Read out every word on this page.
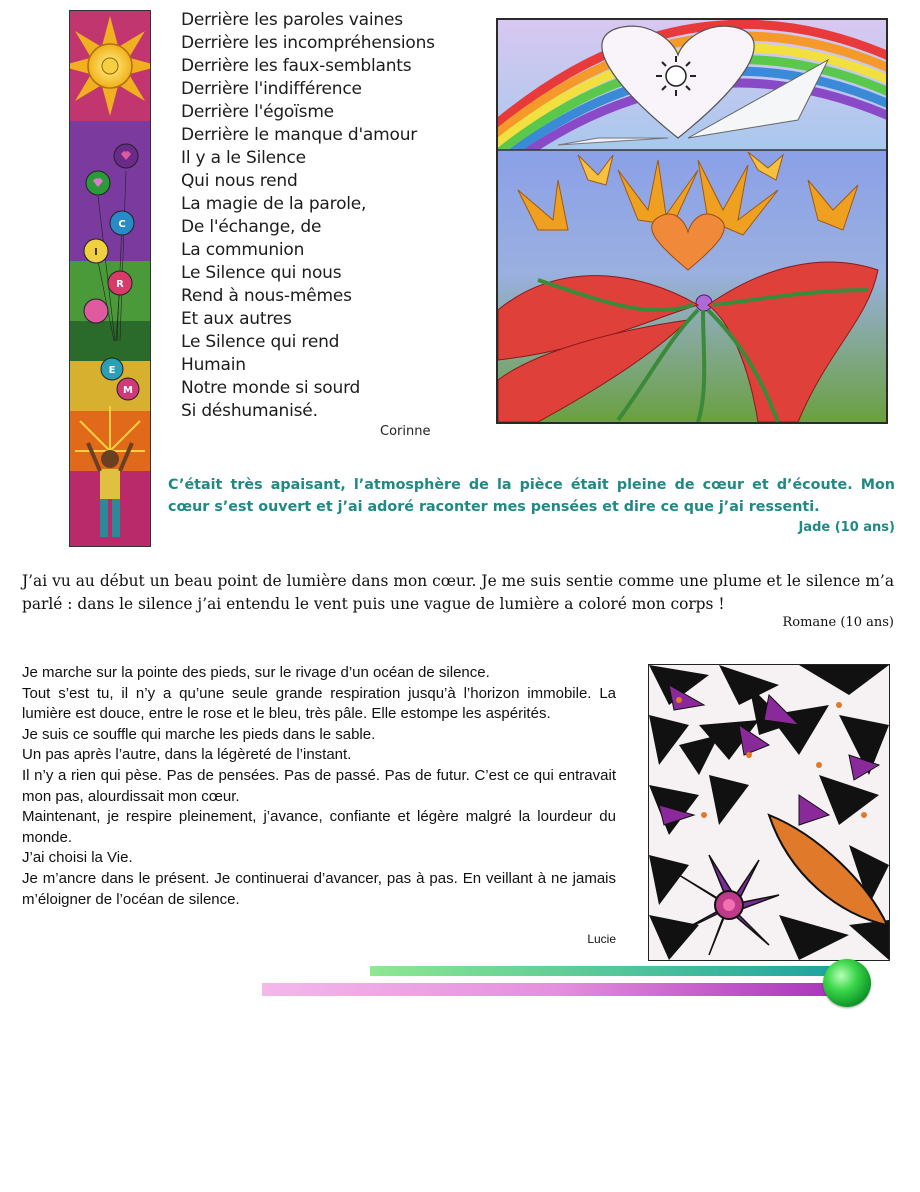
C
I
R
E
M
Derrière les paroles vaines
Derrière les incompréhensions
Derrière les faux-semblants
Derrière l'indifférence
Derrière l'égoïsme
Derrière le manque d'amour
Il y a le Silence
Qui nous rend
La magie de la parole,
De l'échange, de
La communion
Le Silence qui nous
Rend à nous-mêmes
Et aux autres
Le Silence qui rend
Humain
Notre monde si sourd
Si déshumanisé.
Corinne
C’était très apaisant, l’atmosphère de la pièce était pleine de cœur et d’écoute. Mon cœur s’est ouvert et j’ai adoré raconter mes pensées et dire ce que j’ai ressenti.
Jade (10 ans)
J’ai vu au début un beau point de lumière dans mon cœur. Je me suis sentie comme une plume et le silence m’a parlé : dans le silence j’ai entendu le vent puis une vague de lumière a coloré mon corps !
Romane (10 ans)

Je marche sur la pointe des pieds, sur le rivage d’un océan de silence.

Tout s’est tu, il n’y a qu’une seule grande respiration jusqu’à l’horizon immobile. La lumière est douce, entre le rose et le bleu, très pâle. Elle estompe les aspérités.

Je suis ce souffle qui marche les pieds dans le sable.

Un pas après l’autre, dans la légèreté de l’instant.

Il n’y a rien qui pèse. Pas de pensées. Pas de passé. Pas de futur. C’est ce qui entravait mon pas, alourdissait mon cœur.

Maintenant, je respire pleinement, j’avance, confiante et légère malgré la lourdeur du monde.

J’ai choisi la Vie.

Je m’ancre dans le présent. Je continuerai d’avancer, pas à pas. En veillant à ne jamais m’éloigner de l’océan de silence.

Lucie
